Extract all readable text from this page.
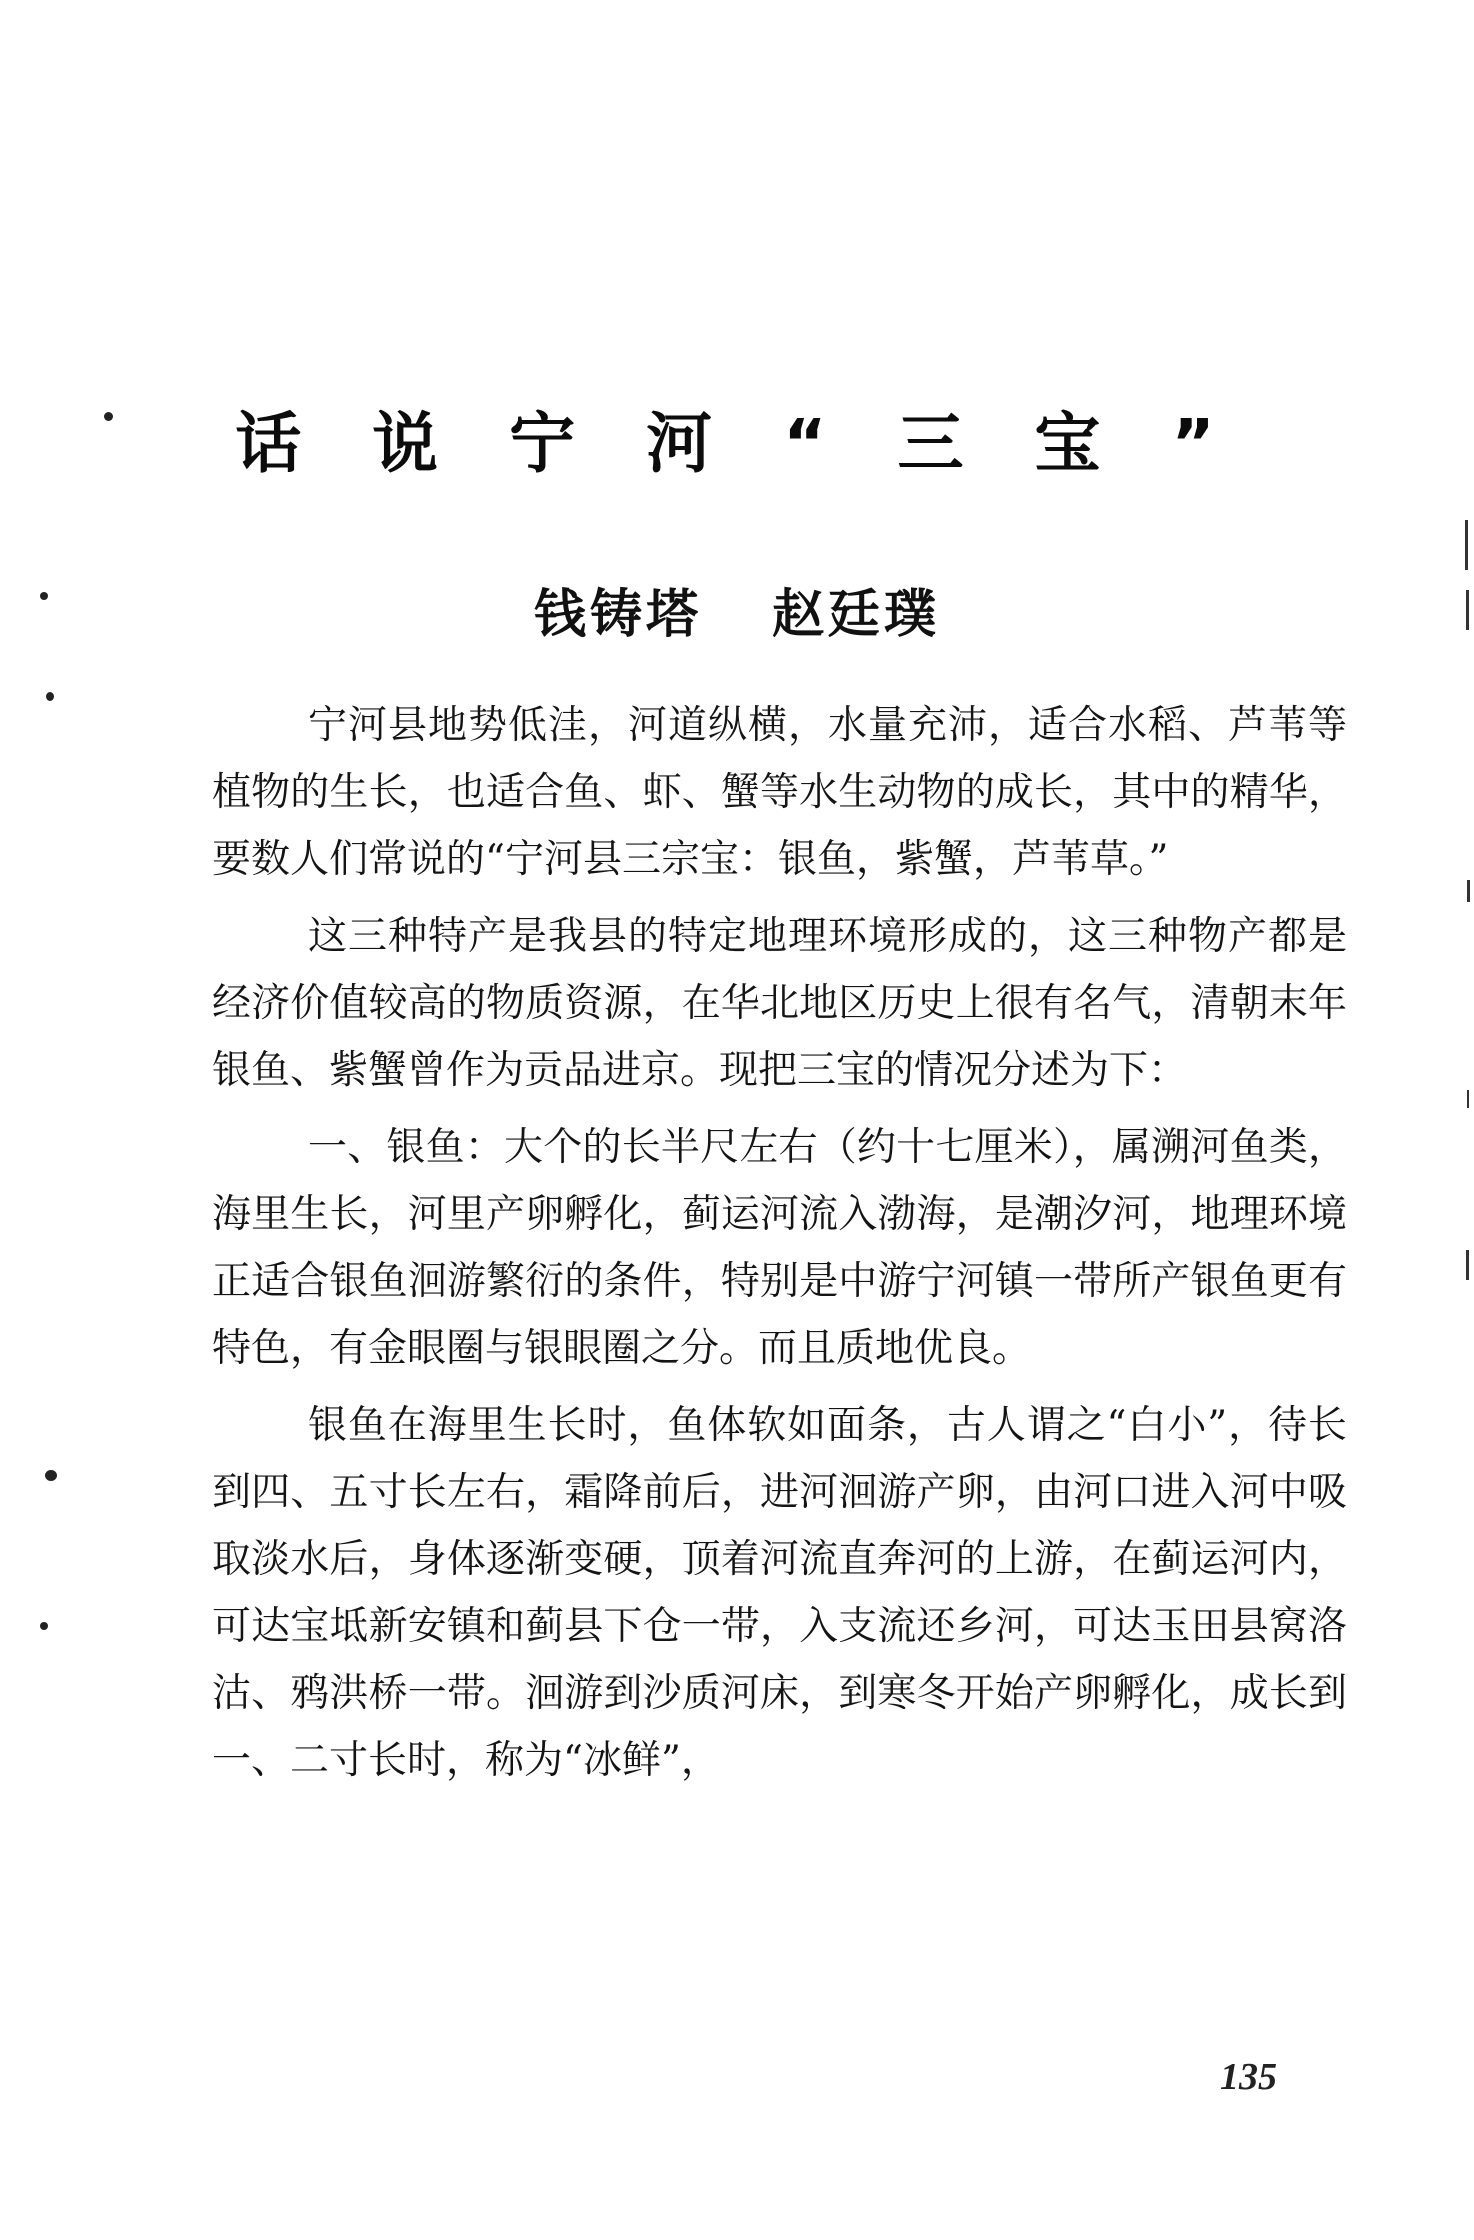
话 说 宁 河 “ 三 宝 ”
钱铸塔 赵廷璞

宁河县地势低洼，河道纵横，水量充沛，适合水稻、芦苇等植物的生长，也适合鱼、虾、蟹等水生动物的成长，其中的精华，要数人们常说的“宁河县三宗宝：银鱼，紫蟹，芦苇草。”

这三种特产是我县的特定地理环境形成的，这三种物产都是经济价值较高的物质资源，在华北地区历史上很有名气，清朝末年银鱼、紫蟹曾作为贡品进京。现把三宝的情况分述为下：

一、银鱼：大个的长半尺左右（约十七厘米），属溯河鱼类，海里生长，河里产卵孵化，蓟运河流入渤海，是潮汐河，地理环境正适合银鱼洄游繁衍的条件，特别是中游宁河镇一带所产银鱼更有特色，有金眼圈与银眼圈之分。而且质地优良。

银鱼在海里生长时，鱼体软如面条，古人谓之“白小”，待长到四、五寸长左右，霜降前后，进河洄游产卵，由河口进入河中吸取淡水后，身体逐渐变硬，顶着河流直奔河的上游，在蓟运河内，可达宝坻新安镇和蓟县下仓一带，入支流还乡河，可达玉田县窝洛沽、鸦洪桥一带。洄游到沙质河床，到寒冬开始产卵孵化，成长到一、二寸长时，称为“冰鲜”，

135
